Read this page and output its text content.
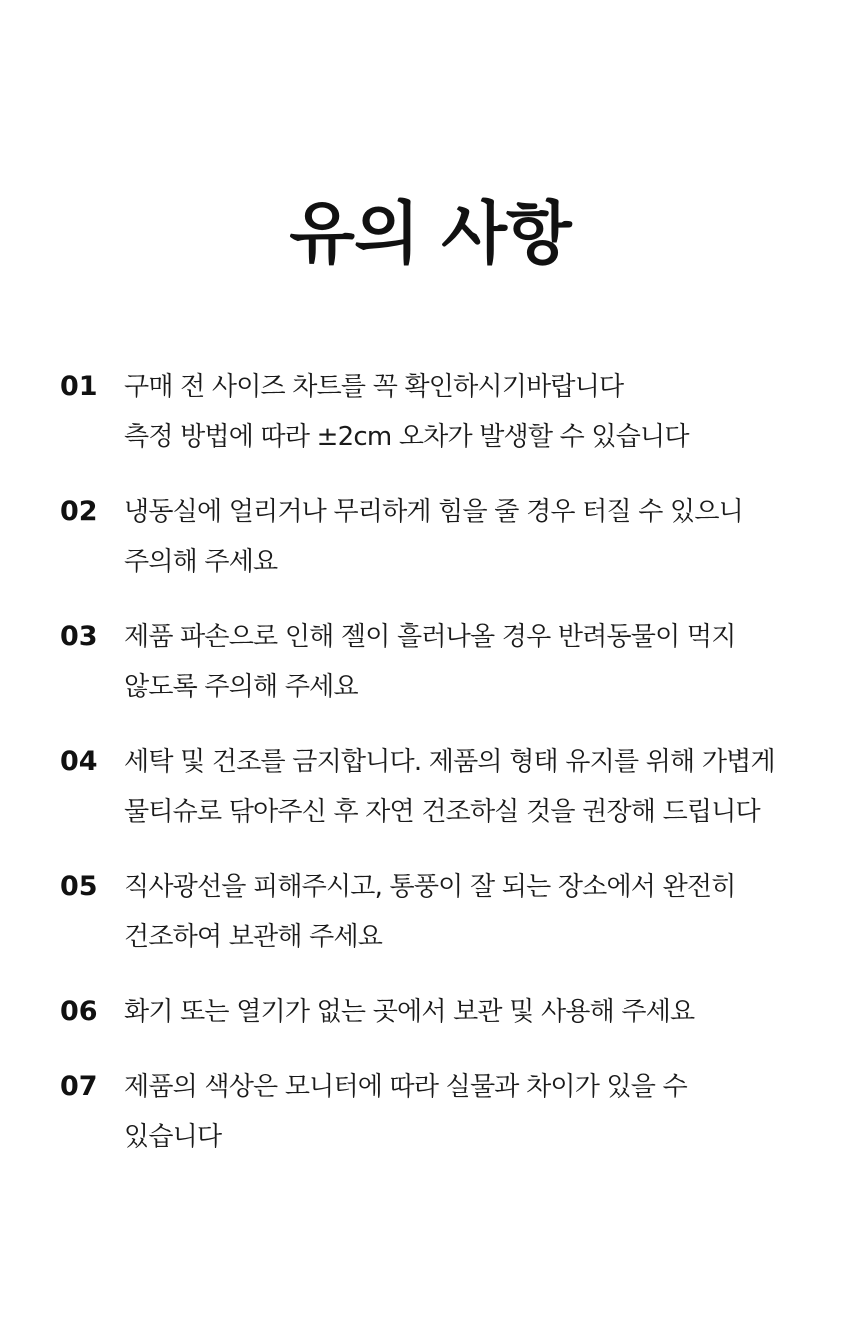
유의 사항
01	구매 전 사이즈 차트를 꼭 확인하시기바랍니다
측정 방법에 따라 ±2cm 오차가 발생할 수 있습니다
02	냉동실에 얼리거나 무리하게 힘을 줄 경우 터질 수 있으니
주의해 주세요
03	제품 파손으로 인해 젤이 흘러나올 경우 반려동물이 먹지
않도록 주의해 주세요
04	세탁 및 건조를 금지합니다. 제품의 형태 유지를 위해 가볍게
물티슈로 닦아주신 후 자연 건조하실 것을 권장해 드립니다
05	직사광선을 피해주시고, 통풍이 잘 되는 장소에서 완전히
건조하여 보관해 주세요
06	화기 또는 열기가 없는 곳에서 보관 및 사용해 주세요
07	제품의 색상은 모니터에 따라 실물과 차이가 있을 수
있습니다
